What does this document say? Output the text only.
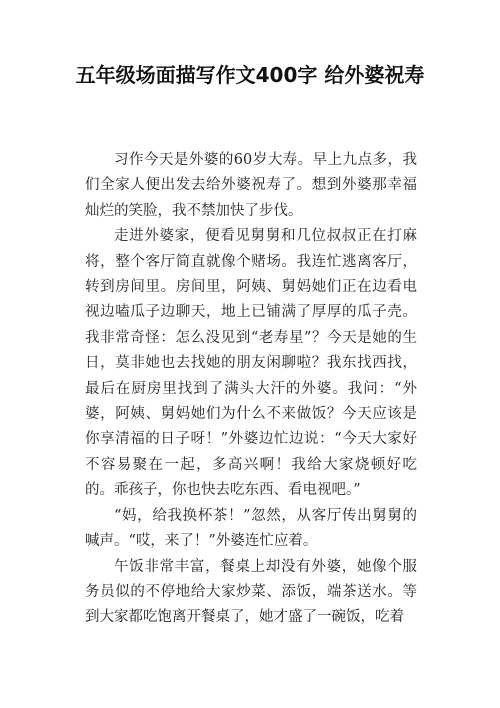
五年级场面描写作文400字 给外婆祝寿

习作今天是外婆的60岁大寿。早上九点多，我们全家人便出发去给外婆祝寿了。想到外婆那幸福灿烂的笑脸，我不禁加快了步伐。

走进外婆家，便看见舅舅和几位叔叔正在打麻将，整个客厅简直就像个赌场。我连忙逃离客厅，转到房间里。房间里，阿姨、舅妈她们正在边看电视边嗑瓜子边聊天，地上已铺满了厚厚的瓜子壳。我非常奇怪：怎么没见到“老寿星”？今天是她的生日，莫非她也去找她的朋友闲聊啦？我东找西找，最后在厨房里找到了满头大汗的外婆。我问：“外婆，阿姨、舅妈她们为什么不来做饭？今天应该是你享清福的日子呀！”外婆边忙边说：“今天大家好不容易聚在一起，多高兴啊！我给大家烧顿好吃的。乖孩子，你也快去吃东西、看电视吧。”

“妈，给我换杯茶！”忽然，从客厅传出舅舅的喊声。“哎，来了！”外婆连忙应着。

午饭非常丰富，餐桌上却没有外婆，她像个服务员似的不停地给大家炒菜、添饭，端茶送水。等到大家都吃饱离开餐桌了，她才盛了一碗饭，吃着
